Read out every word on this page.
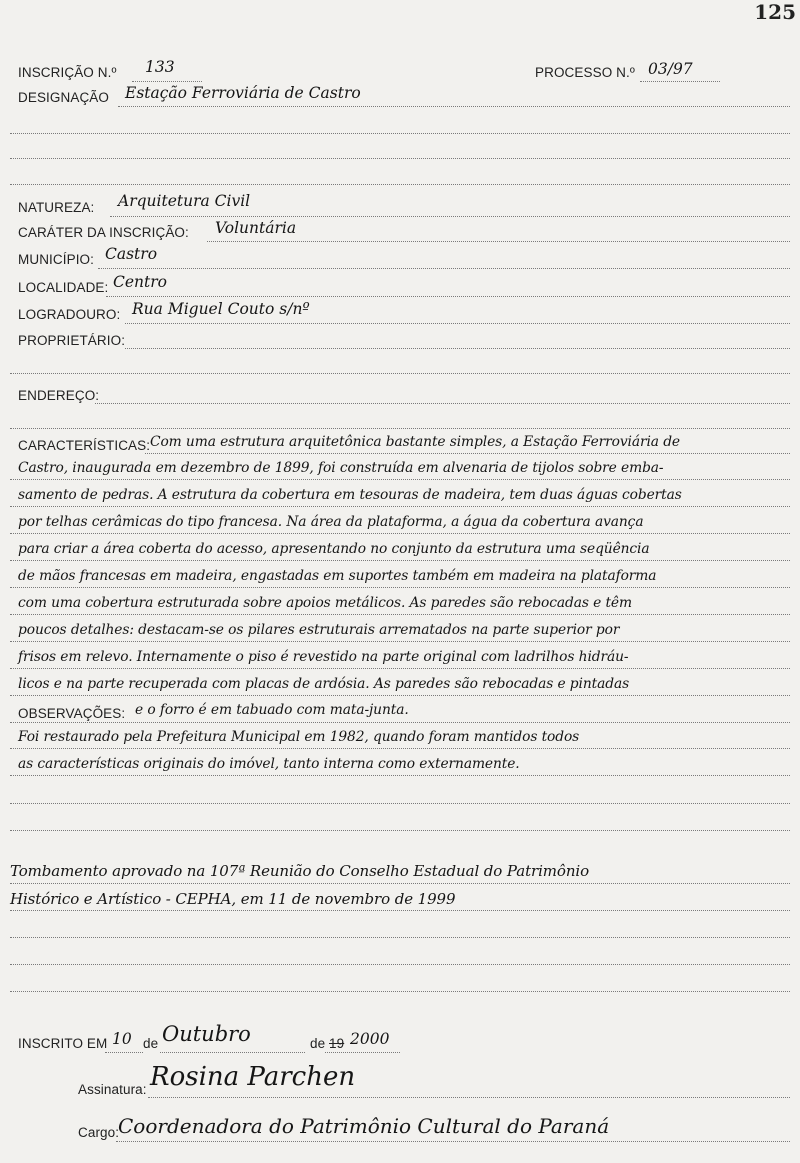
125
INSCRIÇÃO N.º 133	PROCESSO N.º 03/97
DESIGNAÇÃO Estação Ferroviária de Castro
NATUREZA: Arquitetura Civil
CARÁTER DA INSCRIÇÃO: Voluntária
MUNICÍPIO: Castro
LOCALIDADE: Centro
LOGRADOURO: Rua Miguel Couto s/nº
PROPRIETÁRIO:
ENDEREÇO:
CARACTERÍSTICAS: Com uma estrutura arquitetônica bastante simples, a Estação Ferroviária de
Castro, inaugurada em dezembro de 1899, foi construída em alvenaria de tijolos sobre emba-
samento de pedras. A estrutura da cobertura em tesouras de madeira, tem duas águas cobertas
por telhas cerâmicas do tipo francesa. Na área da plataforma, a água da cobertura avança
para criar a área coberta do acesso, apresentando no conjunto da estrutura uma seqüência
de mãos francesas em madeira, engastadas em suportes também em madeira na plataforma
com uma cobertura estruturada sobre apoios metálicos. As paredes são rebocadas e têm
poucos detalhes: destacam-se os pilares estruturais arrematados na parte superior por
frisos em relevo. Internamente o piso é revestido na parte original com ladrilhos hidráu-
licos e na parte recuperada com placas de ardósia. As paredes são rebocadas e pintadas
OBSERVAÇÕES: e o forro é em tabuado com mata-junta.
Foi restaurado pela Prefeitura Municipal em 1982, quando foram mantidos todos
as características originais do imóvel, tanto interna como externamente.
Tombamento aprovado na 107ª Reunião do Conselho Estadual do Patrimônio
Histórico e Artístico - CEPHA, em 11 de novembro de 1999
INSCRITO EM 10 de Outubro	de 19 2000
Assinatura: Rosina Parchen
Cargo:
Coordenadora do Patrimônio Cultural do Paraná
